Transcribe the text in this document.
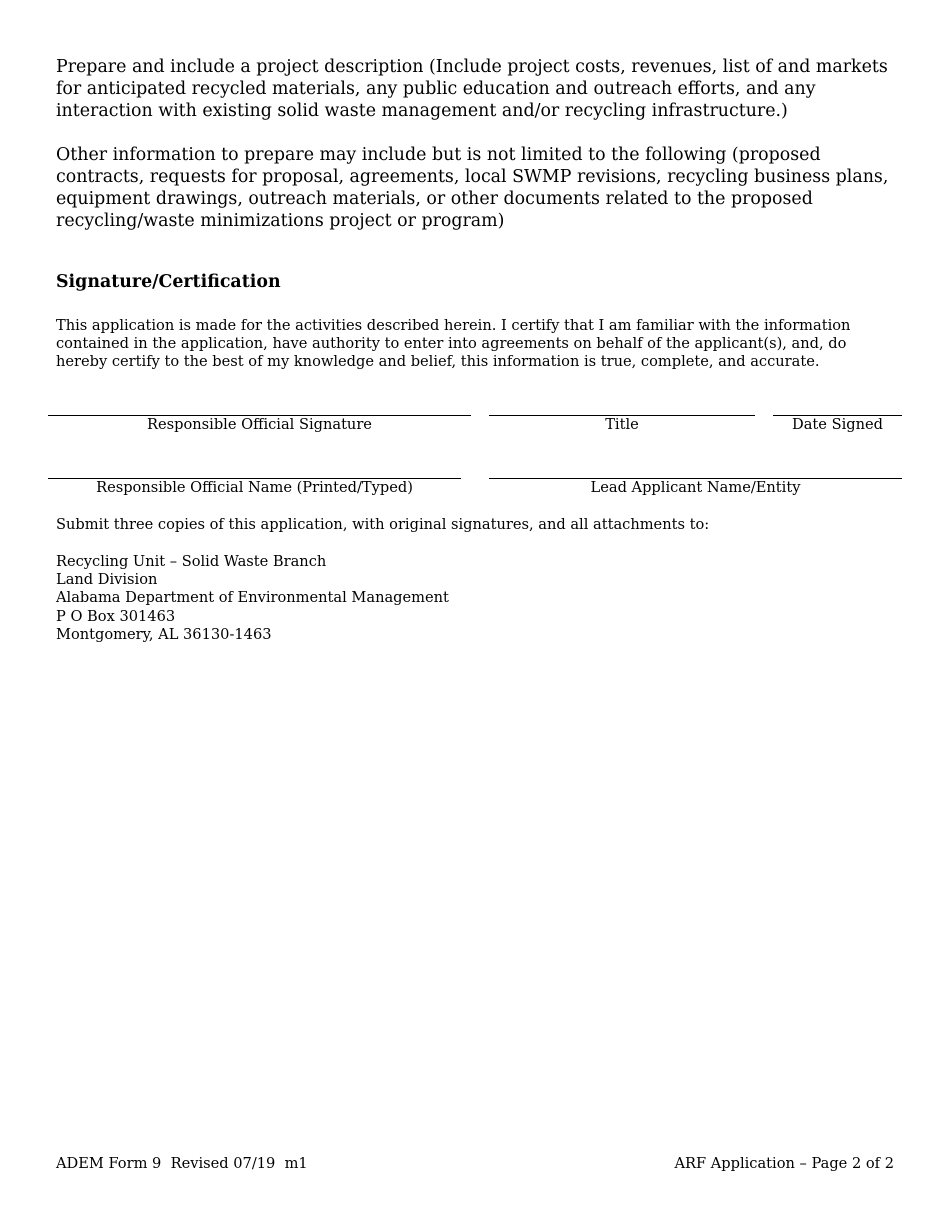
Prepare and include a project description (Include project costs, revenues, list of and markets for anticipated recycled materials, any public education and outreach efforts, and any interaction with existing solid waste management and/or recycling infrastructure.)

Other information to prepare may include but is not limited to the following (proposed contracts, requests for proposal, agreements, local SWMP revisions, recycling business plans, equipment drawings, outreach materials, or other documents related to the proposed recycling/waste minimizations project or program)

Signature/Certification

This application is made for the activities described herein. I certify that I am familiar with the information contained in the application, have authority to enter into agreements on behalf of the applicant(s), and, do hereby certify to the best of my knowledge and belief, this information is true, complete, and accurate.

Responsible Official Signature	Title	Date Signed
Responsible Official Name (Printed/Typed)	Lead Applicant Name/Entity

Submit three copies of this application, with original signatures, and all attachments to:

Recycling Unit – Solid Waste Branch
Land Division
Alabama Department of Environmental Management
P O Box 301463
Montgomery, AL 36130-1463
ADEM Form 9  Revised 07/19  m1	ARF Application – Page 2 of 2
